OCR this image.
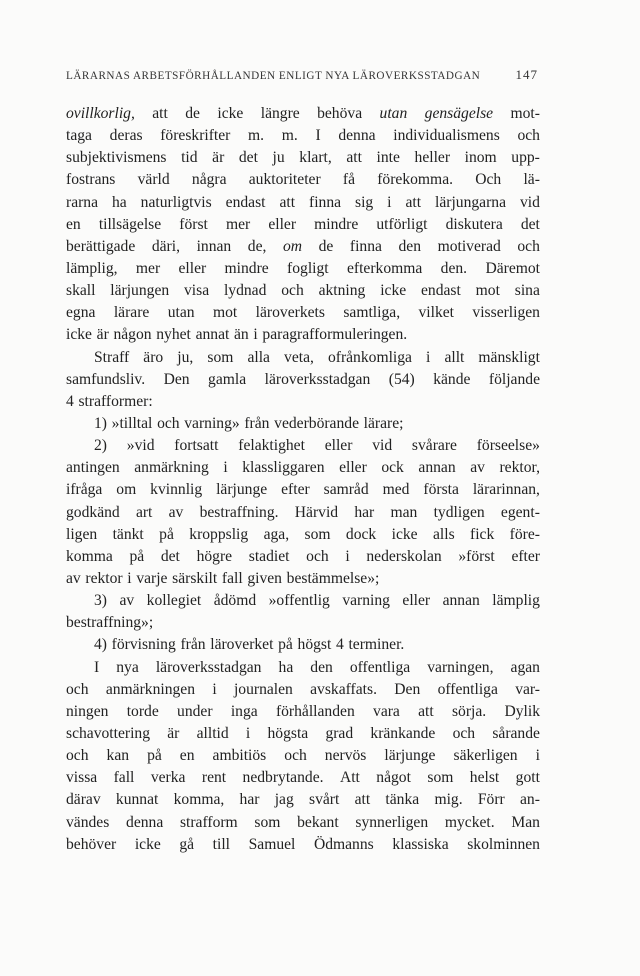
LÄRARNAS ARBETSFÖRHÅLLANDEN ENLIGT NYA LÄROVERKSSTADGAN	147
ovillkorlig, att de icke längre behöva utan gensägelse mot-
taga deras föreskrifter m. m. I denna individualismens och
subjektivismens tid är det ju klart, att inte heller inom upp-
fostrans värld några auktoriteter få förekomma. Och lä-
rarna ha naturligtvis endast att finna sig i att lärjungarna vid
en tillsägelse först mer eller mindre utförligt diskutera det
berättigade däri, innan de, om de finna den motiverad och
lämplig, mer eller mindre fogligt efterkomma den. Däremot
skall lärjungen visa lydnad och aktning icke endast mot sina
egna lärare utan mot läroverkets samtliga, vilket visserligen
icke är någon nyhet annat än i paragrafformuleringen.
Straff äro ju, som alla veta, ofrånkomliga i allt mänskligt
samfundsliv. Den gamla läroverksstadgan (54) kände följande
4 strafformer:
1) »tilltal och varning» från vederbörande lärare;
2) »vid fortsatt felaktighet eller vid svårare förseelse»
antingen anmärkning i klassliggaren eller ock annan av rektor,
ifråga om kvinnlig lärjunge efter samråd med första lärarinnan,
godkänd art av bestraffning. Härvid har man tydligen egent-
ligen tänkt på kroppslig aga, som dock icke alls fick före-
komma på det högre stadiet och i nederskolan »först efter
av rektor i varje särskilt fall given bestämmelse»;
3) av kollegiet ådömd »offentlig varning eller annan lämplig
bestraffning»;
4) förvisning från läroverket på högst 4 terminer.
I nya läroverksstadgan ha den offentliga varningen, agan
och anmärkningen i journalen avskaffats. Den offentliga var-
ningen torde under inga förhållanden vara att sörja. Dylik
schavottering är alltid i högsta grad kränkande och sårande
och kan på en ambitiös och nervös lärjunge säkerligen i
vissa fall verka rent nedbrytande. Att något som helst gott
därav kunnat komma, har jag svårt att tänka mig. Förr an-
vändes denna strafform som bekant synnerligen mycket. Man
behöver icke gå till Samuel Ödmanns klassiska skolminnen
